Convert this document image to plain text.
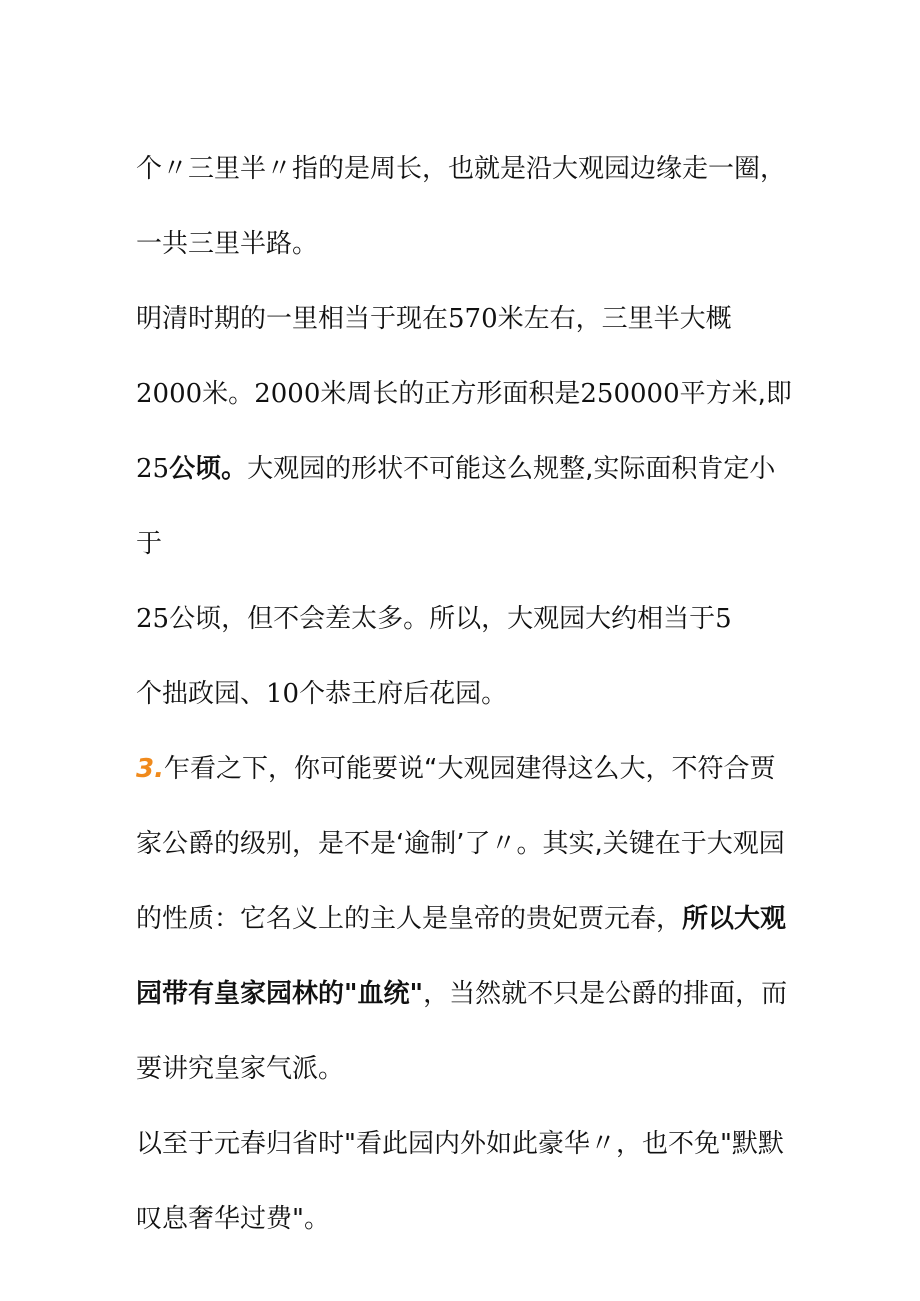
个〃三里半〃指的是周长，也就是沿大观园边缘走一圈，一共三里半路。

明清时期的一里相当于现在570米左右，三里半大概
2000米。2000米周长的正方形面积是250000平方米,即
25公顷。大观园的形状不可能这么规整,实际面积肯定小于
25公顷，但不会差太多。所以，大观园大约相当于5
个拙政园、10个恭王府后花园。

3.乍看之下，你可能要说“大观园建得这么大，不符合贾家公爵的级别，是不是‘逾制’了〃。其实,关键在于大观园的性质：它名义上的主人是皇帝的贵妃贾元春，所以大观园带有皇家园林的"血统"，当然就不只是公爵的排面，而要讲究皇家气派。

以至于元春归省时"看此园内外如此豪华〃，也不免"默默叹息奢华过费"。
